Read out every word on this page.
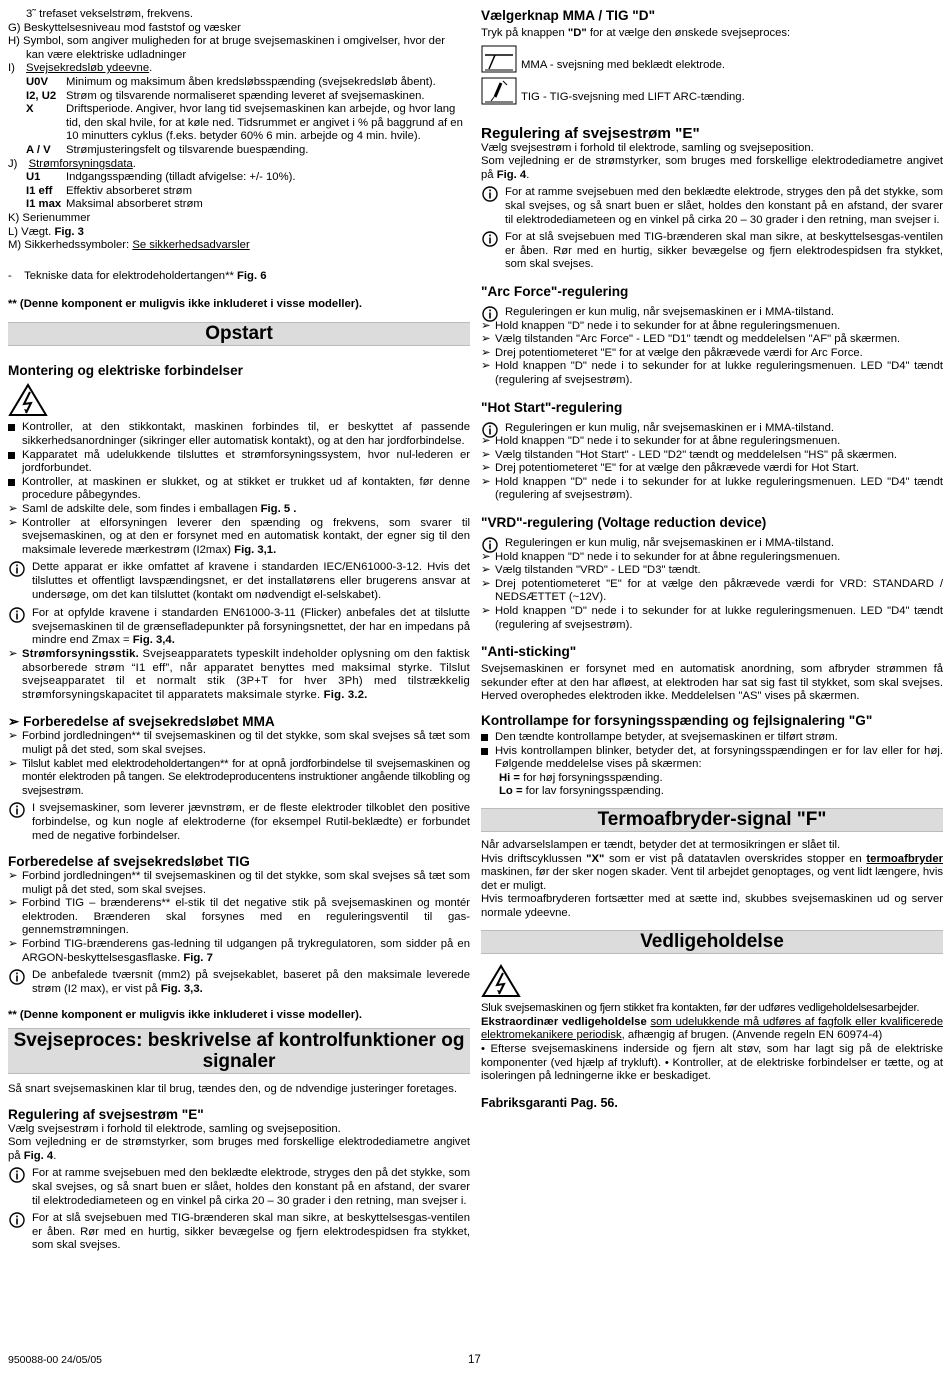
3˜ trefaset vekselstrøm, frekvens.

G) Beskyttelsesniveau mod faststof og væsker

H) Symbol, som angiver muligheden for at bruge svejsemaskinen i omgivelser, hvor der

kan være elektriske udladninger

I) Svejsekredsløb ydeevne.

U0V	Minimum og maksimum åben kredsløbsspænding (svejsekredsløb åbent).
I2, U2 Strøm og tilsvarende normaliseret spænding leveret af svejsemaskinen.
X	Driftsperiode. Angiver, hvor lang tid svejsemaskinen kan arbejde, og hvor lang tid, den skal hvile, for at køle ned. Tidsrummet er angivet i % på baggrund af en 10 minutters cyklus (f.eks. betyder 60% 6 min. arbejde og 4 min. hvile).
A / V	Strømjusteringsfelt og tilsvarende buespænding.

J) Strømforsyningsdata.

U1	Indgangsspænding (tilladt afvigelse: +/- 10%).
I1 eff	Effektiv absorberet strøm
I1 max Maksimal absorberet strøm

K) Serienummer

L) Vægt. Fig. 3

M) Sikkerhedssymboler: Se sikkerhedsadvarsler

-    Tekniske data for elektrodeholdertangen** Fig. 6

** (Denne komponent er muligvis ikke inkluderet i visse modeller).

Opstart

Montering og elektriske forbindelser

Kontroller, at den stikkontakt, maskinen forbindes til, er beskyttet af passende sikkerhedsanordninger (sikringer eller automatisk kontakt), og at den har jordforbindelse.
Kapparatet må udelukkende tilsluttes et strømforsyningssystem, hvor nul-lederen er jordforbundet.
Kontroller, at maskinen er slukket, og at stikket er trukket ud af kontakten, før denne procedure påbegyndes.
➢ Saml de adskilte dele, som findes i emballagen Fig. 5 .
➢ Kontroller at elforsyningen leverer den spænding og frekvens, som svarer til svejsemaskinen, og at den er forsynet med en automatisk kontakt, der egner sig til den maksimale leverede mærkestrøm (I2max) Fig. 3,1.
Dette apparat er ikke omfattet af kravene i standarden IEC/EN61000-3-12. Hvis det tilsluttes et offentligt lavspændingsnet, er det installatørens eller brugerens ansvar at undersøge, om det kan tilsluttet (kontakt om nødvendigt el-selskabet).
For at opfylde kravene i standarden EN61000-3-11 (Flicker) anbefales det at tilslutte svejsemaskinen til de grænsefladepunkter på forsyningsnettet, der har en impedans på mindre end Zmax = Fig. 3,4.
➢ Strømforsyningsstik. Svejseapparatets typeskilt indeholder oplysning om den faktisk absorberede strøm “I1 eff”, når apparatet benyttes med maksimal styrke. Tilslut svejseapparatet til et normalt stik (3P+T for hver 3Ph) med tilstrækkelig strømforsyningskapacitet til apparatets maksimale styrke. Fig. 3.2.

➢ Forberedelse af svejsekredsløbet MMA

➢ Forbind jordledningen** til svejsemaskinen og til det stykke, som skal svejses så tæt som muligt på det sted, som skal svejses.
➢ Tilslut kablet med elektrodeholdertangen** for at opnå jordforbindelse til svejsemaskinen og montér elektroden på tangen. Se elektrodeproducentens instruktioner angående tilkobling og svejsestrøm.
I svejsemaskiner, som leverer jævnstrøm, er de fleste elektroder tilkoblet den positive forbindelse, og kun nogle af elektroderne (for eksempel Rutil-beklædte) er forbundet med de negative forbindelser.

Forberedelse af svejsekredsløbet TIG

➢ Forbind jordledningen** til svejsemaskinen og til det stykke, som skal svejses så tæt som muligt på det sted, som skal svejses.
➢ Forbind TIG – brænderens** el-stik til det negative stik på svejsemaskinen og montér elektroden. Brænderen skal forsynes med en reguleringsventil til gas-gennemstrømningen.
➢ Forbind TIG-brænderens gas-ledning til udgangen på trykregulatoren, som sidder på en ARGON-beskyttelsesgasflaske. Fig. 7
De anbefalede tværsnit (mm2) på svejsekablet, baseret på den maksimale leverede strøm (I2 max), er vist på Fig. 3,3.

** (Denne komponent er muligvis ikke inkluderet i visse modeller).

Svejseproces: beskrivelse af kontrolfunktioner og signaler

Så snart svejsemaskinen klar til brug, tændes den, og de ndvendige justeringer foretages.

Regulering af svejsestrøm "E"

Vælg svejsestrøm i forhold til elektrode, samling og svejseposition.

Som vejledning er de strømstyrker, som bruges med forskellige elektrodediametre angivet på Fig. 4.

For at ramme svejsebuen med den beklædte elektrode, stryges den på det stykke, som skal svejses, og så snart buen er slået, holdes den konstant på en afstand, der svarer til elektrodediameteen og en vinkel på cirka 20 – 30 grader i den retning, man svejser i.
For at slå svejsebuen med TIG-brænderen skal man sikre, at beskyttelsesgas-ventilen er åben. Rør med en hurtig, sikker bevægelse og fjern elektrodespidsen fra stykket, som skal svejses.

Vælgerknap MMA / TIG "D"

Tryk på knappen "D" for at vælge den ønskede svejseproces:

MMA - svejsning med beklædt elektrode.
TIG - TIG-svejsning med LIFT ARC-tænding.

Regulering af svejsestrøm "E"

Vælg svejsestrøm i forhold til elektrode, samling og svejseposition.

Som vejledning er de strømstyrker, som bruges med forskellige elektrodediametre angivet på Fig. 4.

For at ramme svejsebuen med den beklædte elektrode, stryges den på det stykke, som skal svejses, og så snart buen er slået, holdes den konstant på en afstand, der svarer til elektrodediameteen og en vinkel på cirka 20 – 30 grader i den retning, man svejser i.
For at slå svejsebuen med TIG-brænderen skal man sikre, at beskyttelsesgas-ventilen er åben. Rør med en hurtig, sikker bevægelse og fjern elektrodespidsen fra stykket, som skal svejses.

"Arc Force"-regulering

Reguleringen er kun mulig, når svejsemaskinen er i MMA-tilstand.
➢ Hold knappen "D" nede i to sekunder for at åbne reguleringsmenuen.
➢ Vælg tilstanden "Arc Force" - LED "D1" tændt og meddelelsen "AF" på skærmen.
➢ Drej potentiometeret "E" for at vælge den påkrævede værdi for Arc Force.
➢ Hold knappen "D" nede i to sekunder for at lukke reguleringsmenuen. LED "D4" tændt (regulering af svejsestrøm).

"Hot Start"-regulering

Reguleringen er kun mulig, når svejsemaskinen er i MMA-tilstand.
➢ Hold knappen "D" nede i to sekunder for at åbne reguleringsmenuen.
➢ Vælg tilstanden "Hot Start" - LED "D2" tændt og meddelelsen "HS" på skærmen.
➢ Drej potentiometeret "E" for at vælge den påkrævede værdi for Hot Start.
➢ Hold knappen "D" nede i to sekunder for at lukke reguleringsmenuen. LED "D4" tændt (regulering af svejsestrøm).

"VRD"-regulering (Voltage reduction device)

Reguleringen er kun mulig, når svejsemaskinen er i MMA-tilstand.
➢ Hold knappen "D" nede i to sekunder for at åbne reguleringsmenuen.
➢ Vælg tilstanden "VRD" - LED "D3" tændt.
➢ Drej potentiometeret "E" for at vælge den påkrævede værdi for VRD: STANDARD / NEDSÆTTET (~12V).
➢ Hold knappen "D" nede i to sekunder for at lukke reguleringsmenuen. LED "D4" tændt (regulering af svejsestrøm).

"Anti-sticking"

Svejsemaskinen er forsynet med en automatisk anordning, som afbryder strømmen få sekunder efter at den har afløest, at elektroden har sat sig fast til stykket, som skal svejses. Herved overophedes elektroden ikke. Meddelelsen "AS" vises på skærmen.

Kontrollampe for forsyningsspænding og fejlsignalering "G"

Den tændte kontrollampe betyder, at svejsemaskinen er tilført strøm.
Hvis kontrollampen blinker, betyder det, at forsyningsspændingen er for lav eller for høj. Følgende meddelelse vises på skærmen:

Hi = for høj forsyningsspænding.

Lo = for lav forsyningsspænding.

Termoafbryder-signal "F"

Når advarselslampen er tændt, betyder det at termosikringen er slået til.

Hvis driftscyklussen "X" som er vist på datatavlen overskrides stopper en termoafbryder maskinen, før der sker nogen skader. Vent til arbejdet genoptages, og vent lidt længere, hvis det er muligt.

Hvis termoafbryderen fortsætter med at sætte ind, skubbes svejsemaskinen ud og server normale ydeevne.

Vedligeholdelse

Sluk svejsemaskinen og fjern stikket fra kontakten, før der udføres vedligeholdelsesarbejder.

Ekstraordinær vedligeholdelse som udelukkende må udføres af fagfolk eller kvalificerede elektromekanikere periodisk, afhængig af brugen. (Anvende regeln EN 60974-4)

• Efterse svejsemaskinens inderside og fjern alt støv, som har lagt sig på de elektriske komponenter (ved hjælp af trykluft). • Kontroller, at de elektriske forbindelser er tætte, og at isoleringen på ledningerne ikke er beskadiget.

Fabriksgaranti Pag. 56.

950088-00 24/05/05	17
